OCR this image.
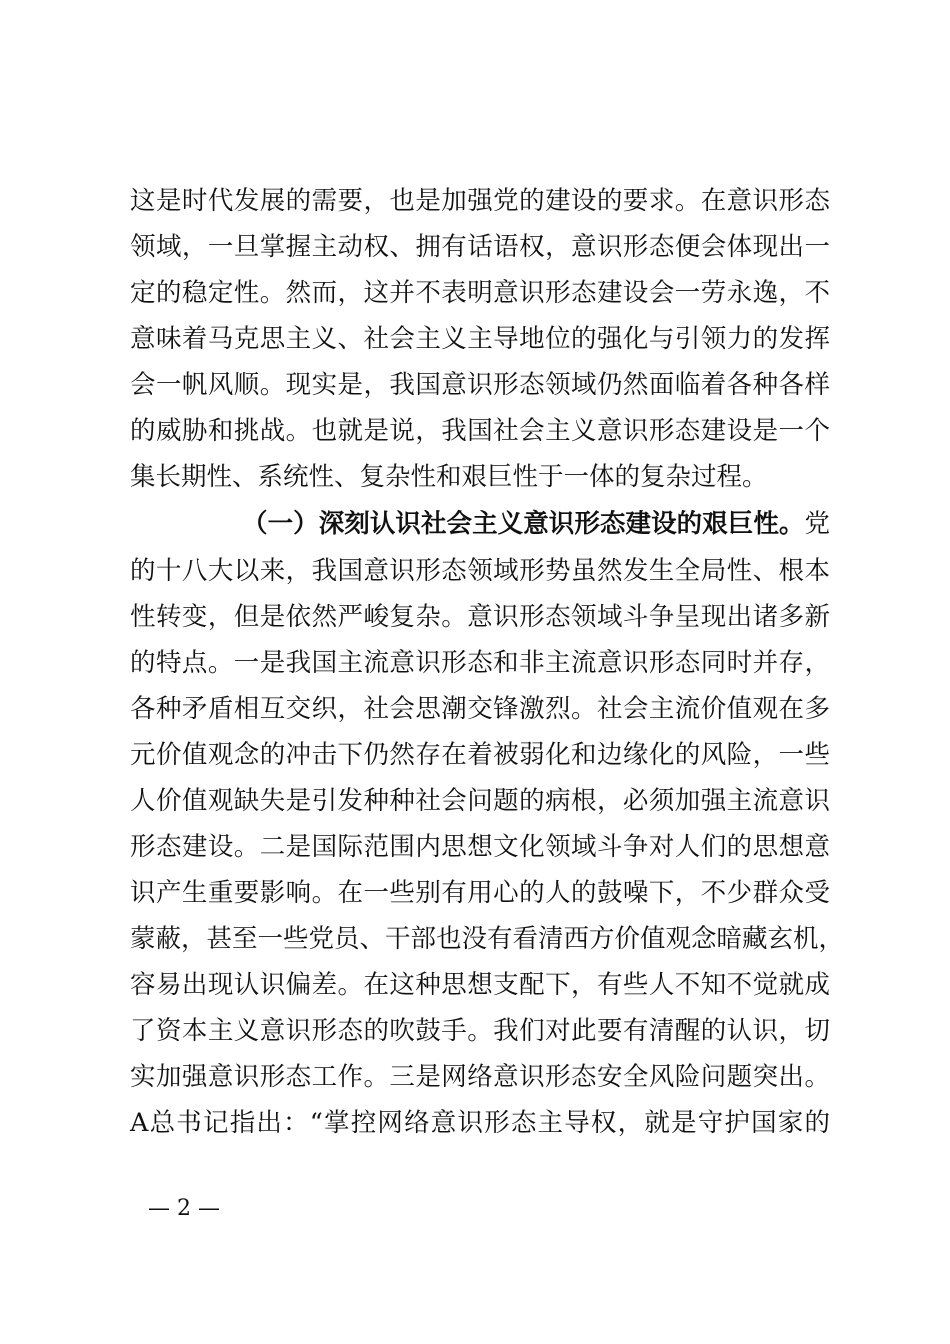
这是时代发展的需要，也是加强党的建设的要求。在意识形态
领域，一旦掌握主动权、拥有话语权，意识形态便会体现出一
定的稳定性。然而，这并不表明意识形态建设会一劳永逸，不
意味着马克思主义、社会主义主导地位的强化与引领力的发挥
会一帆风顺。现实是，我国意识形态领域仍然面临着各种各样
的威胁和挑战。也就是说，我国社会主义意识形态建设是一个
集长期性、系统性、复杂性和艰巨性于一体的复杂过程。
（一）深刻认识社会主义意识形态建设的艰巨性。党
的十八大以来，我国意识形态领域形势虽然发生全局性、根本
性转变，但是依然严峻复杂。意识形态领域斗争呈现出诸多新
的特点。一是我国主流意识形态和非主流意识形态同时并存，
各种矛盾相互交织，社会思潮交锋激烈。社会主流价值观在多
元价值观念的冲击下仍然存在着被弱化和边缘化的风险，一些
人价值观缺失是引发种种社会问题的病根，必须加强主流意识
形态建设。二是国际范围内思想文化领域斗争对人们的思想意
识产生重要影响。在一些别有用心的人的鼓噪下，不少群众受
蒙蔽，甚至一些党员、干部也没有看清西方价值观念暗藏玄机，
容易出现认识偏差。在这种思想支配下，有些人不知不觉就成
了资本主义意识形态的吹鼓手。我们对此要有清醒的认识，切
实加强意识形态工作。三是网络意识形态安全风险问题突出。
A总书记指出：“掌控网络意识形态主导权，就是守护国家的
— 2 —
